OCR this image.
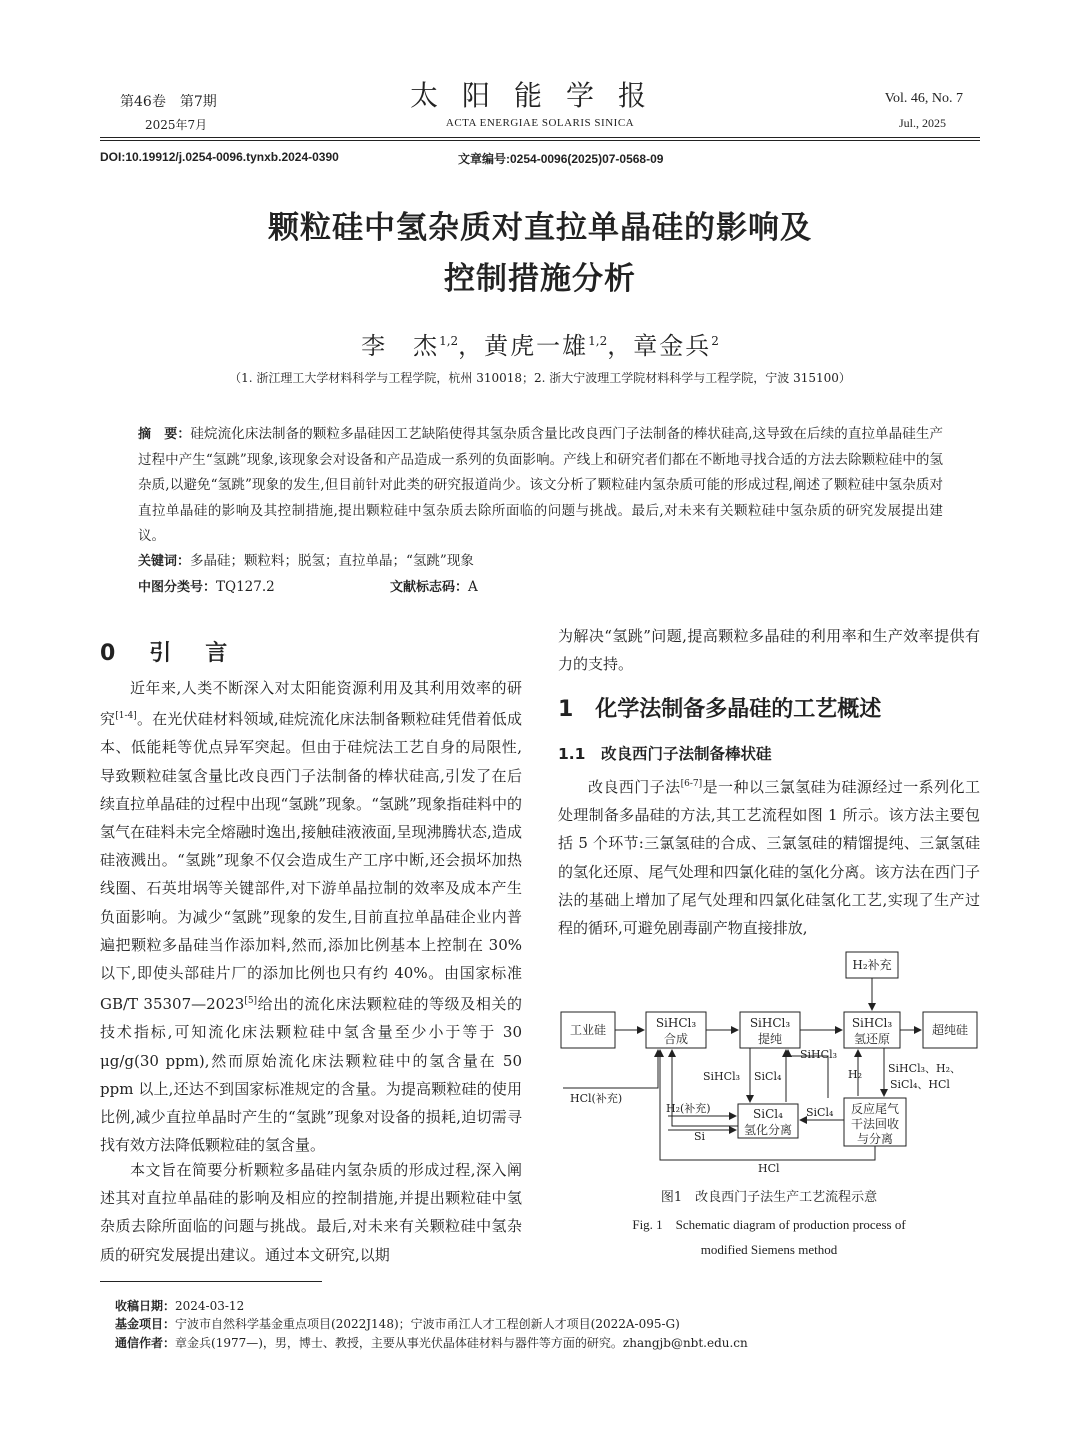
第46卷　第7期
2025年7月
太阳能学报
ACTA ENERGIAE SOLARIS SINICA
Vol. 46, No. 7
Jul., 2025
DOI:10.19912/j.0254-0096.tynxb.2024-0390	文章编号:0254-0096(2025)07-0568-09
颗粒硅中氢杂质对直拉单晶硅的影响及
控制措施分析
李　杰$^{1,2}$，黄虎一雄$^{1,2}$，章金兵$^2$
（1. 浙江理工大学材料科学与工程学院，杭州 310018；2. 浙大宁波理工学院材料科学与工程学院，宁波 315100）
摘　要：硅烷流化床法制备的颗粒多晶硅因工艺缺陷使得其氢杂质含量比改良西门子法制备的棒状硅高,这导致在后续的直拉单晶硅生产过程中产生“氢跳”现象,该现象会对设备和产品造成一系列的负面影响。产线上和研究者们都在不断地寻找合适的方法去除颗粒硅中的氢杂质,以避免“氢跳”现象的发生,但目前针对此类的研究报道尚少。该文分析了颗粒硅内氢杂质可能的形成过程,阐述了颗粒硅中氢杂质对直拉单晶硅的影响及其控制措施,提出颗粒硅中氢杂质去除所面临的问题与挑战。最后,对未来有关颗粒硅中氢杂质的研究发展提出建议。
关键词：多晶硅；颗粒料；脱氢；直拉单晶；“氢跳”现象
中图分类号：TQ127.2	文献标志码：A
0　引　言
近年来,人类不断深入对太阳能资源利用及其利用效率的研究[1-4]。在光伏硅材料领域,硅烷流化床法制备颗粒硅凭借着低成本、低能耗等优点异军突起。但由于硅烷法工艺自身的局限性,导致颗粒硅氢含量比改良西门子法制备的棒状硅高,引发了在后续直拉单晶硅的过程中出现“氢跳”现象。“氢跳”现象指硅料中的氢气在硅料未完全熔融时逸出,接触硅液液面,呈现沸腾状态,造成硅液溅出。“氢跳”现象不仅会造成生产工序中断,还会损坏加热线圈、石英坩埚等关键部件,对下游单晶拉制的效率及成本产生负面影响。为减少“氢跳”现象的发生,目前直拉单晶硅企业内普遍把颗粒多晶硅当作添加料,然而,添加比例基本上控制在 30% 以下,即使头部硅片厂的添加比例也只有约 40%。由国家标准 GB/T 35307—2023[5]给出的流化床法颗粒硅的等级及相关的技术指标,可知流化床法颗粒硅中氢含量至少小于等于 30 μg/g(30 ppm),然而原始流化床法颗粒硅中的氢含量在 50 ppm 以上,还达不到国家标准规定的含量。为提高颗粒硅的使用比例,减少直拉单晶时产生的“氢跳”现象对设备的损耗,迫切需寻找有效方法降低颗粒硅的氢含量。
本文旨在简要分析颗粒多晶硅内氢杂质的形成过程,深入阐述其对直拉单晶硅的影响及相应的控制措施,并提出颗粒硅中氢杂质去除所面临的问题与挑战。最后,对未来有关颗粒硅中氢杂质的研究发展提出建议。通过本文研究,以期
为解决“氢跳”问题,提高颗粒多晶硅的利用率和生产效率提供有力的支持。
1　化学法制备多晶硅的工艺概述
1.1　改良西门子法制备棒状硅
改良西门子法[6-7]是一种以三氯氢硅为硅源经过一系列化工处理制备多晶硅的方法,其工艺流程如图 1 所示。该方法主要包括 5 个环节:三氯氢硅的合成、三氯氢硅的精馏提纯、三氯氢硅的氢化还原、尾气处理和四氯化硅的氢化分离。该方法在西门子法的基础上增加了尾气处理和四氯化硅氢化工艺,实现了生产过程的循环,可避免剧毒副产物直接排放,
H₂补充
工业硅	SiHCl₃
合成
SiHCl₃
提纯
SiHCl₃
氢还原
超纯硅
SiCl₄
氢化分离
反应尾气
干法回收
与分离
SiHCl₃
SiHCl₃ SiCl₄	H₂ SiHCl₃、H₂、
SiCl₄、HCl
HCl(补充)
H₂(补充)
Si
SiCl₄
HCl
图1　改良西门子法生产工艺流程示意
Fig. 1　Schematic diagram of production process of
modified Siemens method
收稿日期：2024-03-12
基金项目：宁波市自然科学基金重点项目(2022J148)；宁波市甬江人才工程创新人才项目(2022A-095-G)
通信作者：章金兵(1977—)，男，博士、教授，主要从事光伏晶体硅材料与器件等方面的研究。zhangjb@nbt.edu.cn
